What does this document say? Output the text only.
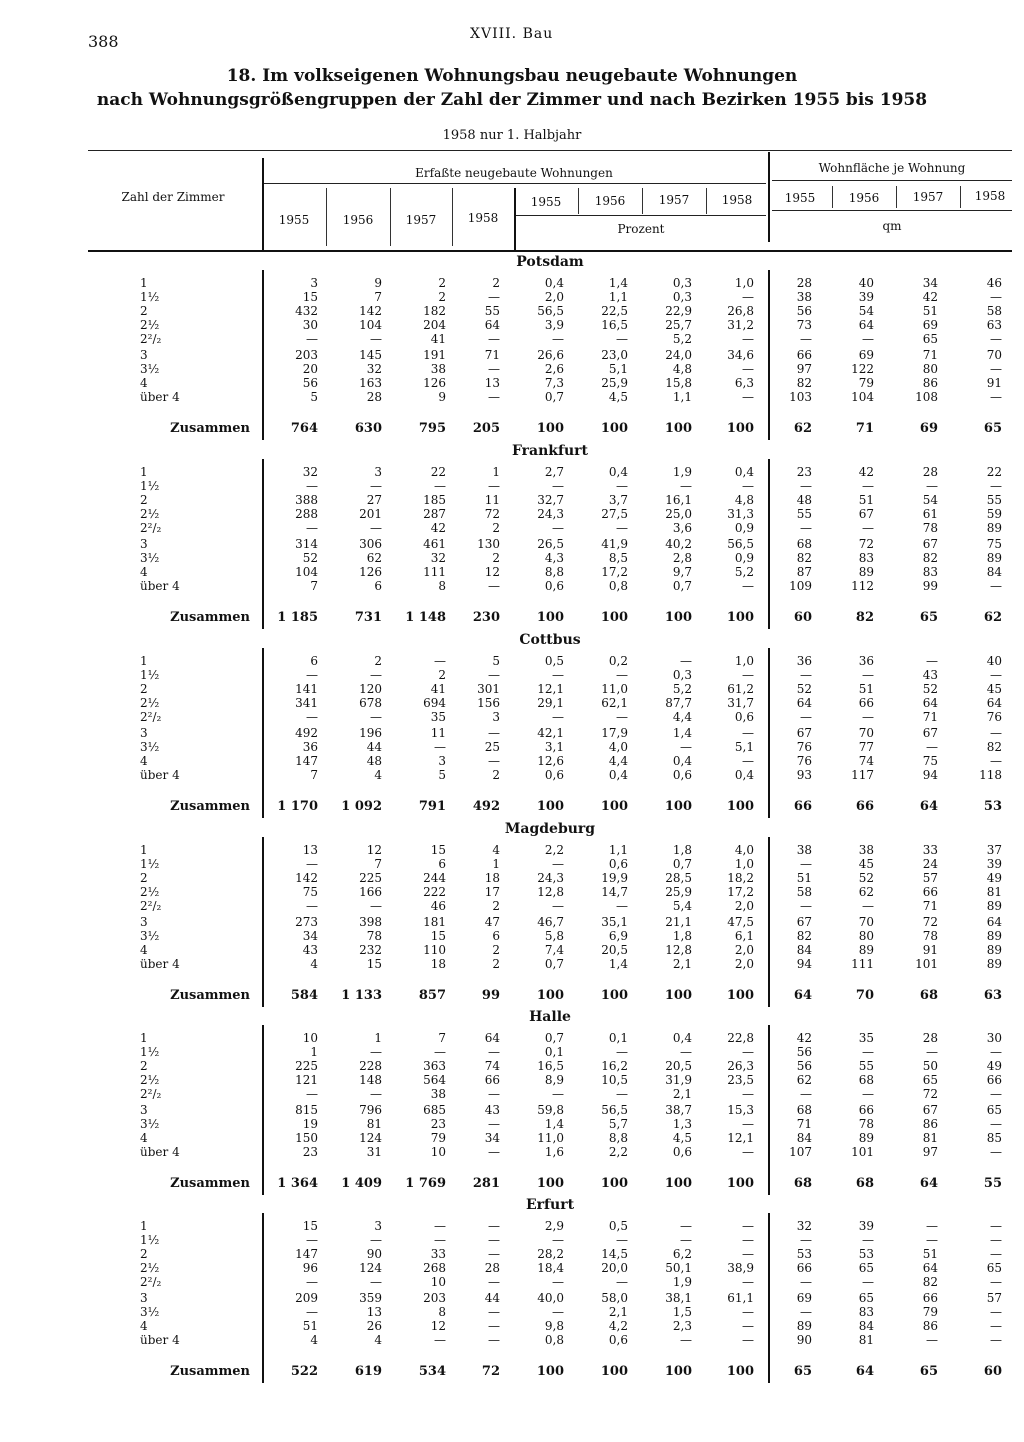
388	XVIII. Bau
18. Im volkseigenen Wohnungsbau neugebaute Wohnungen
nach Wohnungsgrößengruppen der Zahl der Zimmer und nach Bezirken 1955 bis 1958
1958 nur 1. Halbjahr
Zahl der Zimmer
Erfaßte neugebaute Wohnungen	Wohnfläche je Wohnung
1955	1956	1957	1958
1955	1956	1957	1958
Prozent
1955	1956	1957	1958
qm
Potsdam
1	3	9	2	2	0,4	1,4	0,3	1,0	28	40	34	46
1½	15	7	2	—	2,0	1,1	0,3	—	38	39	42	—
2	432	142	182	55	56,5	22,5	22,9	26,8	56	54	51	58
2½	30	104	204	64	3,9	16,5	25,7	31,2	73	64	69	63
2²/₂	—	—	41	—	—	—	5,2	—	—	—	65	—
3	203	145	191	71	26,6	23,0	24,0	34,6	66	69	71	70
3½	20	32	38	—	2,6	5,1	4,8	—	97	122	80	—
4	56	163	126	13	7,3	25,9	15,8	6,3	82	79	86	91
über 4	5	28	9	—	0,7	4,5	1,1	—	103	104	108	—
Zusammen	764	630	795	205	100	100	100	100	62	71	69	65
Frankfurt
1	32	3	22	1	2,7	0,4	1,9	0,4	23	42	28	22
1½	—	—	—	—	—	—	—	—	—	—	—	—
2	388	27	185	11	32,7	3,7	16,1	4,8	48	51	54	55
2½	288	201	287	72	24,3	27,5	25,0	31,3	55	67	61	59
2²/₂	—	—	42	2	—	—	3,6	0,9	—	—	78	89
3	314	306	461	130	26,5	41,9	40,2	56,5	68	72	67	75
3½	52	62	32	2	4,3	8,5	2,8	0,9	82	83	82	89
4	104	126	111	12	8,8	17,2	9,7	5,2	87	89	83	84
über 4	7	6	8	—	0,6	0,8	0,7	—	109	112	99	—
Zusammen	1 185	731	1 148	230	100	100	100	100	60	82	65	62
Cottbus
1	6	2	—	5	0,5	0,2	—	1,0	36	36	—	40
1½	—	—	2	—	—	—	0,3	—	—	—	43	—
2	141	120	41	301	12,1	11,0	5,2	61,2	52	51	52	45
2½	341	678	694	156	29,1	62,1	87,7	31,7	64	66	64	64
2²/₂	—	—	35	3	—	—	4,4	0,6	—	—	71	76
3	492	196	11	—	42,1	17,9	1,4	—	67	70	67	—
3½	36	44	—	25	3,1	4,0	—	5,1	76	77	—	82
4	147	48	3	—	12,6	4,4	0,4	—	76	74	75	—
über 4	7	4	5	2	0,6	0,4	0,6	0,4	93	117	94	118
Zusammen	1 170	1 092	791	492	100	100	100	100	66	66	64	53
Magdeburg
1	13	12	15	4	2,2	1,1	1,8	4,0	38	38	33	37
1½	—	7	6	1	—	0,6	0,7	1,0	—	45	24	39
2	142	225	244	18	24,3	19,9	28,5	18,2	51	52	57	49
2½	75	166	222	17	12,8	14,7	25,9	17,2	58	62	66	81
2²/₂	—	—	46	2	—	—	5,4	2,0	—	—	71	89
3	273	398	181	47	46,7	35,1	21,1	47,5	67	70	72	64
3½	34	78	15	6	5,8	6,9	1,8	6,1	82	80	78	89
4	43	232	110	2	7,4	20,5	12,8	2,0	84	89	91	89
über 4	4	15	18	2	0,7	1,4	2,1	2,0	94	111	101	89
Zusammen	584	1 133	857	99	100	100	100	100	64	70	68	63
Halle
1	10	1	7	64	0,7	0,1	0,4	22,8	42	35	28	30
1½	1	—	—	—	0,1	—	—	—	56	—	—	—
2	225	228	363	74	16,5	16,2	20,5	26,3	56	55	50	49
2½	121	148	564	66	8,9	10,5	31,9	23,5	62	68	65	66
2²/₂	—	—	38	—	—	—	2,1	—	—	—	72	—
3	815	796	685	43	59,8	56,5	38,7	15,3	68	66	67	65
3½	19	81	23	—	1,4	5,7	1,3	—	71	78	86	—
4	150	124	79	34	11,0	8,8	4,5	12,1	84	89	81	85
über 4	23	31	10	—	1,6	2,2	0,6	—	107	101	97	—
Zusammen	1 364	1 409	1 769	281	100	100	100	100	68	68	64	55
Erfurt
1	15	3	—	—	2,9	0,5	—	—	32	39	—	—
1½	—	—	—	—	—	—	—	—	—	—	—	—
2	147	90	33	—	28,2	14,5	6,2	—	53	53	51	—
2½	96	124	268	28	18,4	20,0	50,1	38,9	66	65	64	65
2²/₂	—	—	10	—	—	—	1,9	—	—	—	82	—
3	209	359	203	44	40,0	58,0	38,1	61,1	69	65	66	57
3½	—	13	8	—	—	2,1	1,5	—	—	83	79	—
4	51	26	12	—	9,8	4,2	2,3	—	89	84	86	—
über 4	4	4	—	—	0,8	0,6	—	—	90	81	—	—
Zusammen	522	619	534	72	100	100	100	100	65	64	65	60
